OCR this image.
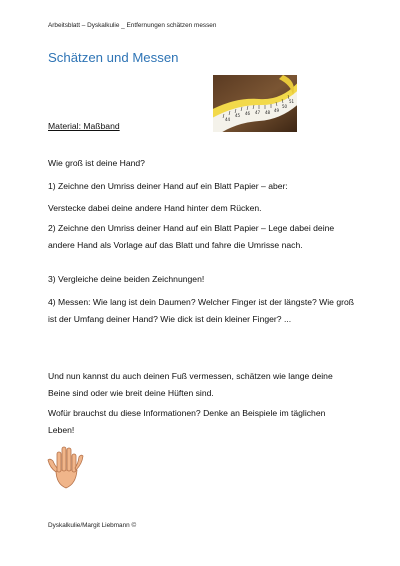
Arbeitsblatt – Dyskalkulie _ Entfernungen schätzen messen
Schätzen und Messen
44
45 46 47 48 49
50
51
Material: Maßband
Wie groß ist deine Hand?
1) Zeichne den Umriss deiner Hand auf ein Blatt Papier – aber:
Verstecke dabei deine andere Hand hinter dem Rücken.
2) Zeichne den Umriss deiner Hand auf ein Blatt Papier – Lege dabei deine andere Hand als Vorlage auf das Blatt und fahre die Umrisse nach.
3) Vergleiche deine beiden Zeichnungen!
4) Messen: Wie lang ist dein Daumen? Welcher Finger ist der längste? Wie groß ist der Umfang deiner Hand? Wie dick ist dein kleiner Finger? ...
Und nun kannst du auch deinen Fuß vermessen, schätzen wie lange deine Beine sind oder wie breit deine Hüften sind.
Wofür brauchst du diese Informationen? Denke an Beispiele im täglichen Leben!
Dyskalkulie/Margit Liebmann ©
